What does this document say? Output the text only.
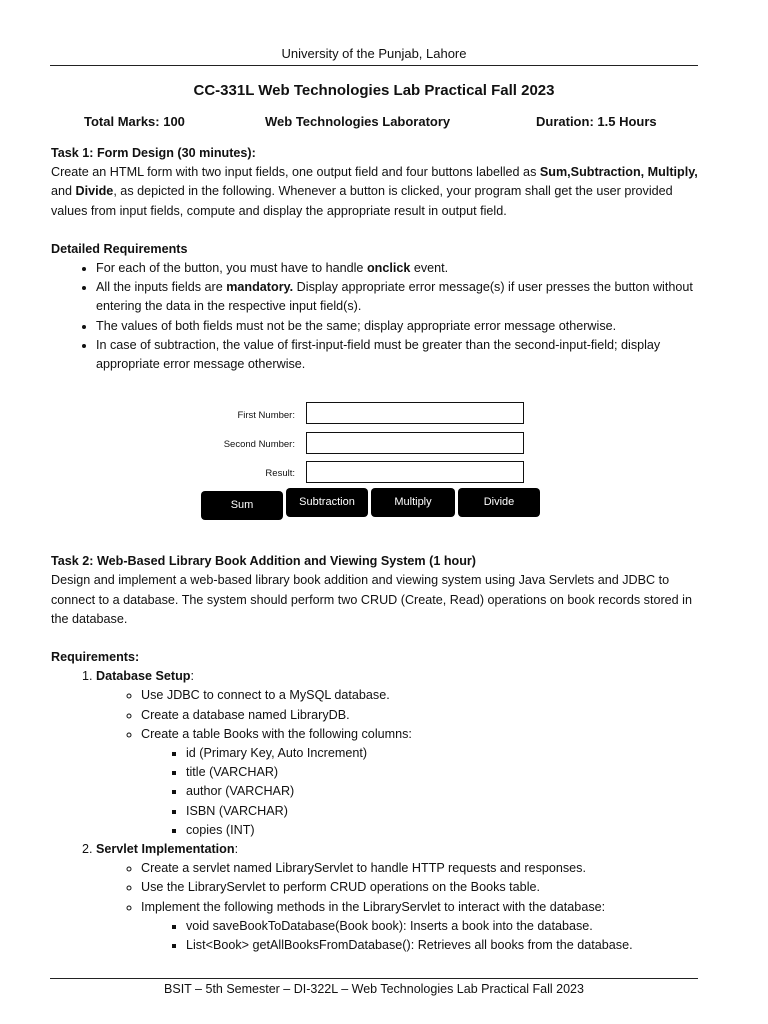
University of the Punjab, Lahore
CC-331L Web Technologies Lab Practical Fall 2023
Total Marks: 100	Web Technologies Laboratory	Duration: 1.5 Hours

Task 1: Form Design (30 minutes):

Create an HTML form with two input fields, one output field and four buttons labelled as Sum,Subtraction, Multiply, and Divide, as depicted in the following. Whenever a button is clicked, your program shall get the user provided values from input fields, compute and display the appropriate result in output field.

Detailed Requirements

• For each of the button, you must have to handle onclick event.
• All the inputs fields are mandatory. Display appropriate error message(s) if user presses the button without entering the data in the respective input field(s).
• The values of both fields must not be the same; display appropriate error message otherwise.
• In case of subtraction, the value of first-input-field must be greater than the second-input-field; display appropriate error message otherwise.
First Number:
Second Number:
Result:
Sum	Subtraction	Multiply	Divide

Task 2: Web-Based Library Book Addition and Viewing System (1 hour)

Design and implement a web-based library book addition and viewing system using Java Servlets and JDBC to connect to a database. The system should perform two CRUD (Create, Read) operations on book records stored in the database.

Requirements:

1. Database Setup:
◦ Use JDBC to connect to a MySQL database.
◦ Create a database named LibraryDB.
◦ Create a table Books with the following columns:
▪ id (Primary Key, Auto Increment)
▪ title (VARCHAR)
▪ author (VARCHAR)
▪ ISBN (VARCHAR)
▪ copies (INT)
2. Servlet Implementation:
◦ Create a servlet named LibraryServlet to handle HTTP requests and responses.
◦ Use the LibraryServlet to perform CRUD operations on the Books table.
◦ Implement the following methods in the LibraryServlet to interact with the database:
▪ void saveBookToDatabase(Book book): Inserts a book into the database.
▪ List<Book> getAllBooksFromDatabase(): Retrieves all books from the database.
BSIT – 5th Semester – DI-322L – Web Technologies Lab Practical Fall 2023
